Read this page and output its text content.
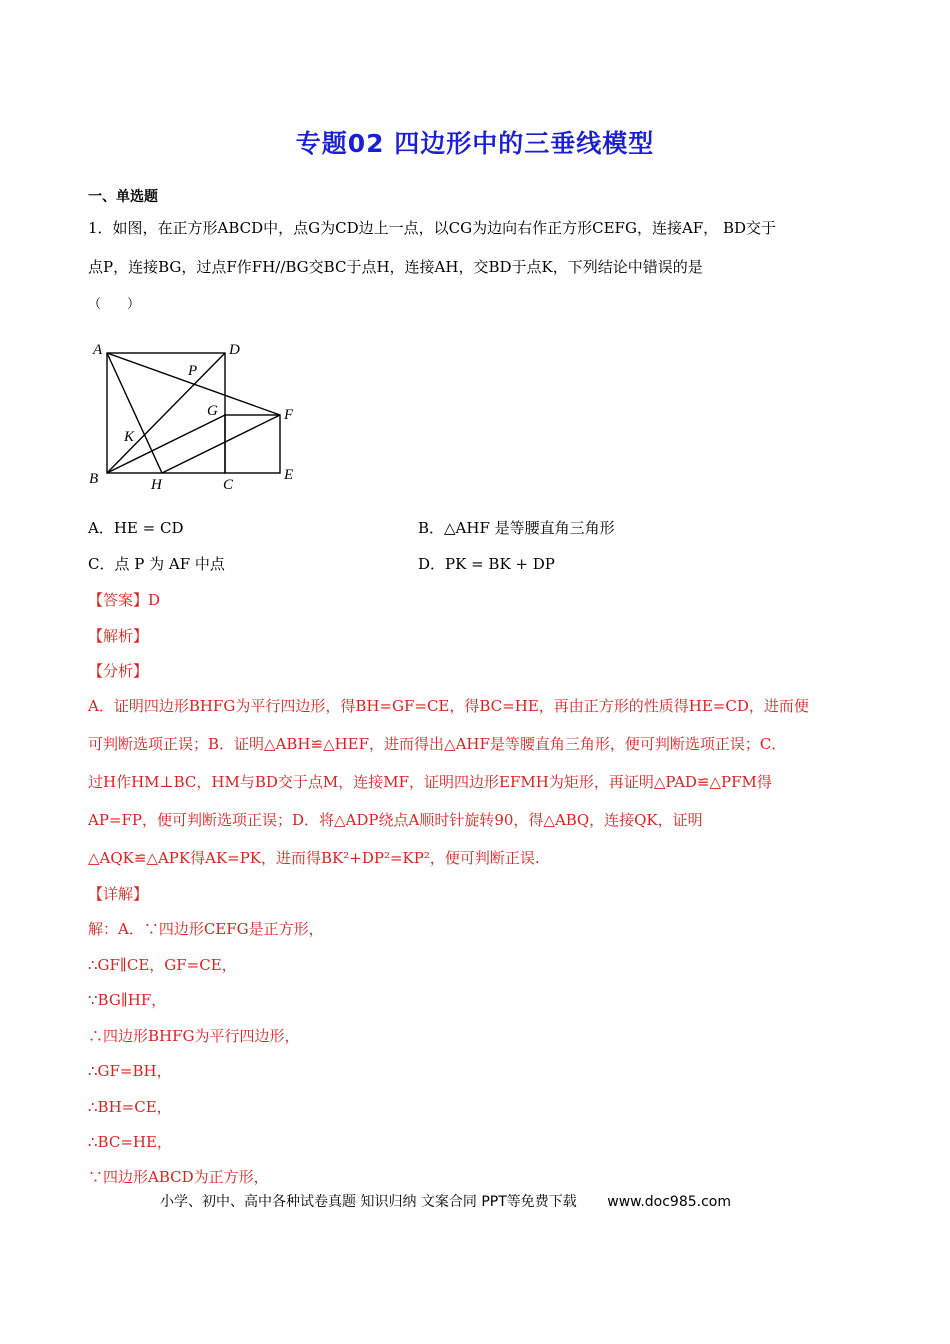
专题02 四边形中的三垂线模型
一、单选题
1．如图，在正方形ABCD中，点G为CD边上一点，以CG为边向右作正方形CEFG，连接AF， BD交于
点P，连接BG，过点F作FH//BG交BC于点H，连接AH，交BD于点K，下列结论中错误的是
（　　）
A	D
P
G	F
K
B	H	C
E
A．HE = CD	B．△AHF 是等腰直角三角形
C．点 P 为 AF 中点	D．PK = BK + DP
【答案】D
【解析】
【分析】
A．证明四边形BHFG为平行四边形，得BH=GF=CE，得BC=HE，再由正方形的性质得HE=CD，进而便
可判断选项正误；B．证明△ABH≌△HEF，进而得出△AHF是等腰直角三角形，便可判断选项正误；C．
过H作HM⊥BC，HM与BD交于点M，连接MF，证明四边形EFMH为矩形，再证明△PAD≌△PFM得
AP=FP，便可判断选项正误；D．将△ADP绕点A顺时针旋转90，得△ABQ，连接QK，证明
△AQK≌△APK得AK=PK，进而得BK²+DP²=KP²，便可判断正误.
【详解】
解：A．∵四边形CEFG是正方形，
∴GF∥CE，GF=CE，
∵BG∥HF，
∴四边形BHFG为平行四边形，
∴GF=BH，
∴BH=CE，
∴BC=HE，
∵四边形ABCD为正方形，
小学、初中、高中各种试卷真题 知识归纳 文案合同 PPT等免费下载 www.doc985.com
